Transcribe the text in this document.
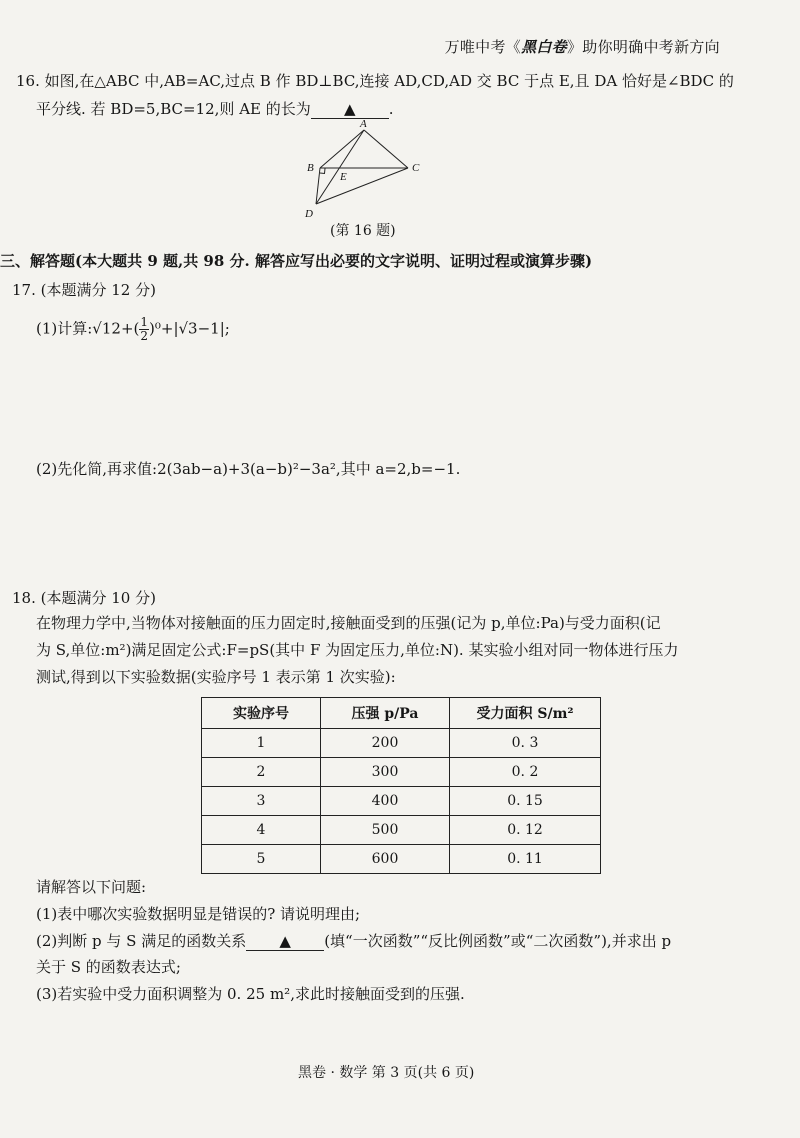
万唯中考《黑白卷》助你明确中考新方向
16. 如图,在△ABC 中,AB=AC,过点 B 作 BD⊥BC,连接 AD,CD,AD 交 BC 于点 E,且 DA 恰好是∠BDC 的
平分线. 若 BD=5,BC=12,则 AE 的长为 ▲ .
A
B	C
D
E
(第 16 题)
三、解答题(本大题共 9 题,共 98 分. 解答应写出必要的文字说明、证明过程或演算步骤)
17. (本题满分 12 分)
(1)计算:√12+( $\frac{1}{2} )^0+|√3-1|$;
(2)先化简,再求值:2(3ab−a)+3(a−b)²−3a²,其中 a=2,b=−1.
18. (本题满分 10 分)
在物理力学中,当物体对接触面的压力固定时,接触面受到的压强(记为 p,单位:Pa)与受力面积(记
为 S,单位:m²)满足固定公式:F=pS(其中 F 为固定压力,单位:N). 某实验小组对同一物体进行压力
测试,得到以下实验数据(实验序号 1 表示第 1 次实验):
实验序号	压强 p/Pa	受力面积 S/m²
1	200	0. 3
2	300	0. 2
3	400	0. 15
4	500	0. 12
5	600	0. 11
请解答以下问题:
(1)表中哪次实验数据明显是错误的? 请说明理由;
(2)判断 p 与 S 满足的函数关系 ▲ (填“一次函数”“反比例函数”或“二次函数”),并求出 p
关于 S 的函数表达式;
(3)若实验中受力面积调整为 0. 25 m²,求此时接触面受到的压强.
黑卷 · 数学 第 3 页(共 6 页)
